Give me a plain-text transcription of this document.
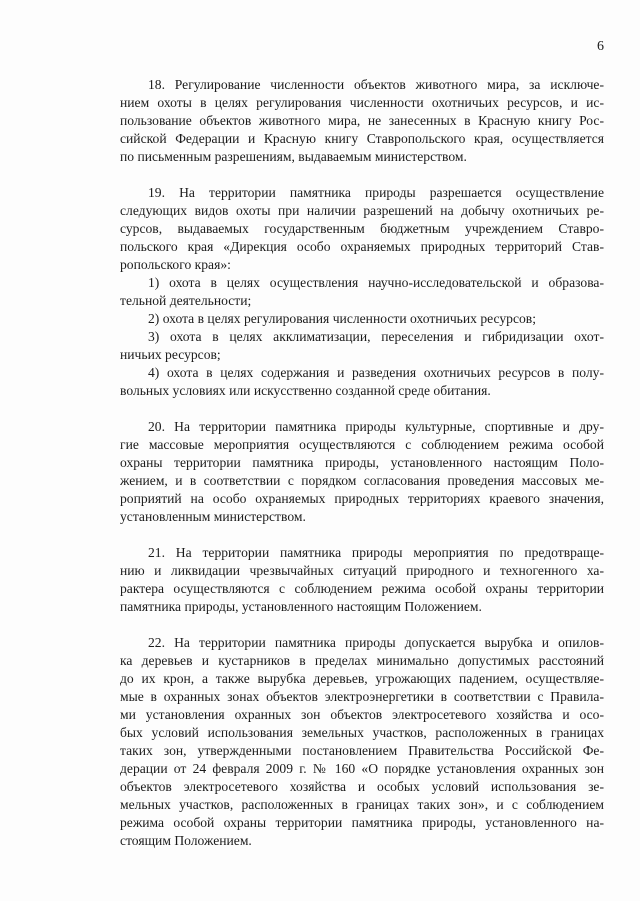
6
18. Регулирование численности объектов животного мира, за исключе-
нием охоты в целях регулирования численности охотничьих ресурсов, и ис-
пользование объектов животного мира, не занесенных в Красную книгу Рос-
сийской Федерации и Красную книгу Ставропольского края, осуществляется
по письменным разрешениям, выдаваемым министерством.
19. На территории памятника природы разрешается осуществление
следующих видов охоты при наличии разрешений на добычу охотничьих ре-
сурсов, выдаваемых государственным бюджетным учреждением Ставро-
польского края «Дирекция особо охраняемых природных территорий Став-
ропольского края»:
1) охота в целях осуществления научно-исследовательской и образова-
тельной деятельности;
2) охота в целях регулирования численности охотничьих ресурсов;
3) охота в целях акклиматизации, переселения и гибридизации охот-
ничьих ресурсов;
4) охота в целях содержания и разведения охотничьих ресурсов в полу-
вольных условиях или искусственно созданной среде обитания.
20. На территории памятника природы культурные, спортивные и дру-
гие массовые мероприятия осуществляются с соблюдением режима особой
охраны территории памятника природы, установленного настоящим Поло-
жением, и в соответствии с порядком согласования проведения массовых ме-
роприятий на особо охраняемых природных территориях краевого значения,
установленным министерством.
21. На территории памятника природы мероприятия по предотвраще-
нию и ликвидации чрезвычайных ситуаций природного и техногенного ха-
рактера осуществляются с соблюдением режима особой охраны территории
памятника природы, установленного настоящим Положением.
22. На территории памятника природы допускается вырубка и опилов-
ка деревьев и кустарников в пределах минимально допустимых расстояний
до их крон, а также вырубка деревьев, угрожающих падением, осуществляе-
мые в охранных зонах объектов электроэнергетики в соответствии с Правила-
ми установления охранных зон объектов электросетевого хозяйства и осо-
бых условий использования земельных участков, расположенных в границах
таких зон, утвержденными постановлением Правительства Российской Фе-
дерации от 24 февраля 2009 г. № 160 «О порядке установления охранных зон
объектов электросетевого хозяйства и особых условий использования зе-
мельных участков, расположенных в границах таких зон», и с соблюдением
режима особой охраны территории памятника природы, установленного на-
стоящим Положением.
